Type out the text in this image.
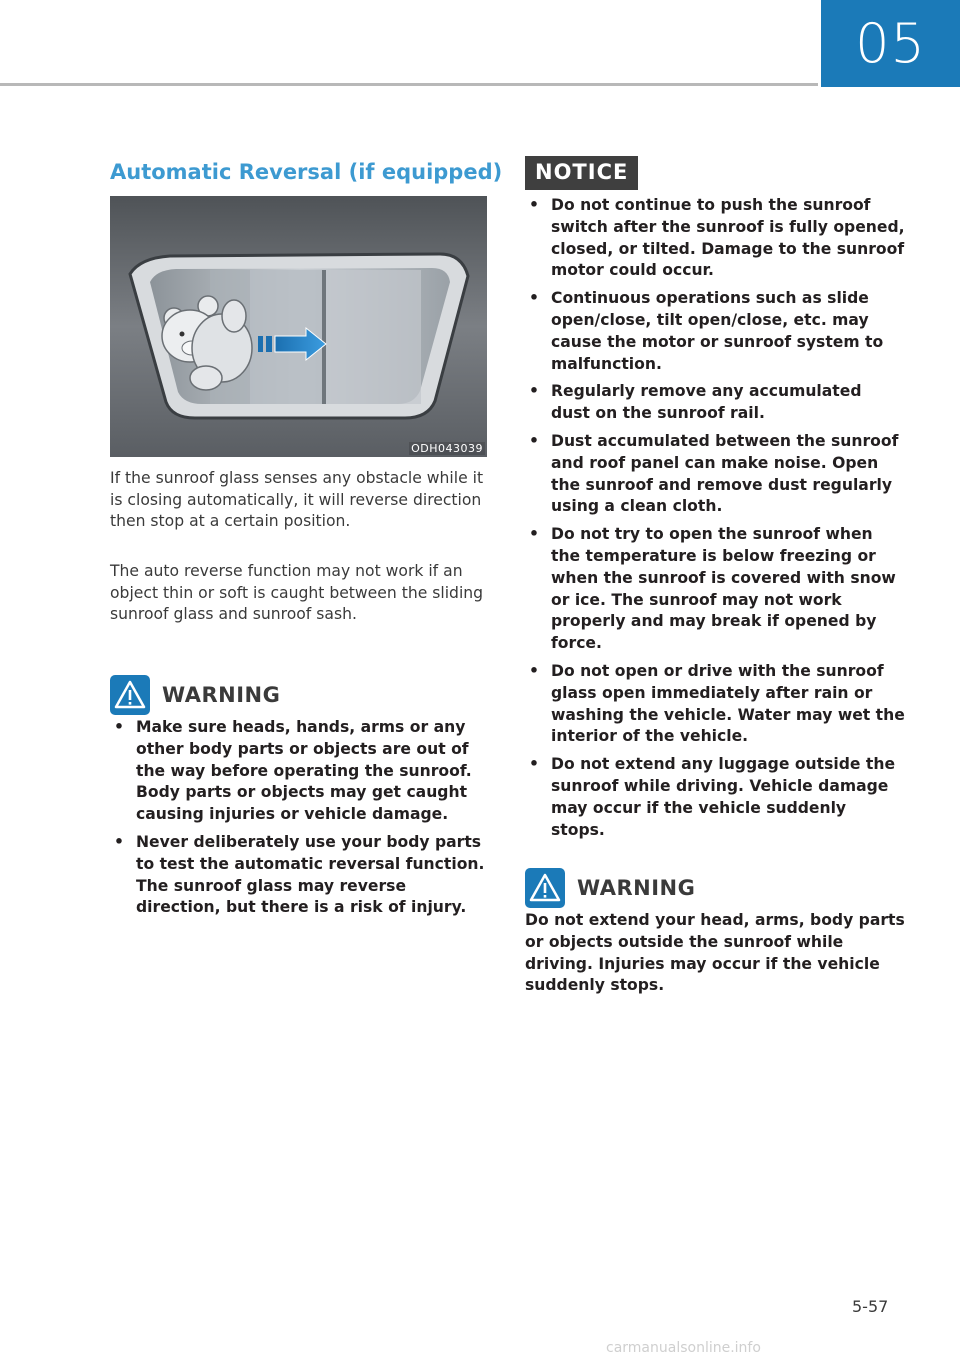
05
Automatic Reversal (if equipped)
ODH043039

If the sunroof glass senses any obstacle while it is closing automatically, it will reverse direction then stop at a certain position.

The auto reverse function may not work if an object thin or soft is caught between the sliding sunroof glass and sunroof sash.

WARNING
• Make sure heads, hands, arms or any other body parts or objects are out of the way before operating the sunroof. Body parts or objects may get caught causing injuries or vehicle damage.
• Never deliberately use your body parts to test the automatic reversal function. The sunroof glass may reverse direction, but there is a risk of injury.
NOTICE
• Do not continue to push the sunroof switch after the sunroof is fully opened, closed, or tilted. Damage to the sunroof motor could occur.
• Continuous operations such as slide open/close, tilt open/close, etc. may cause the motor or sunroof system to malfunction.
• Regularly remove any accumulated dust on the sunroof rail.
• Dust accumulated between the sunroof and roof panel can make noise. Open the sunroof and remove dust regularly using a clean cloth.
• Do not try to open the sunroof when the temperature is below freezing or when the sunroof is covered with snow or ice. The sunroof may not work properly and may break if opened by force.
• Do not open or drive with the sunroof glass open immediately after rain or washing the vehicle. Water may wet the interior of the vehicle.
• Do not extend any luggage outside the sunroof while driving. Vehicle damage may occur if the vehicle suddenly stops.
WARNING

Do not extend your head, arms, body parts or objects outside the sunroof while driving. Injuries may occur if the vehicle suddenly stops.

5-57
carmanualsonline.info
